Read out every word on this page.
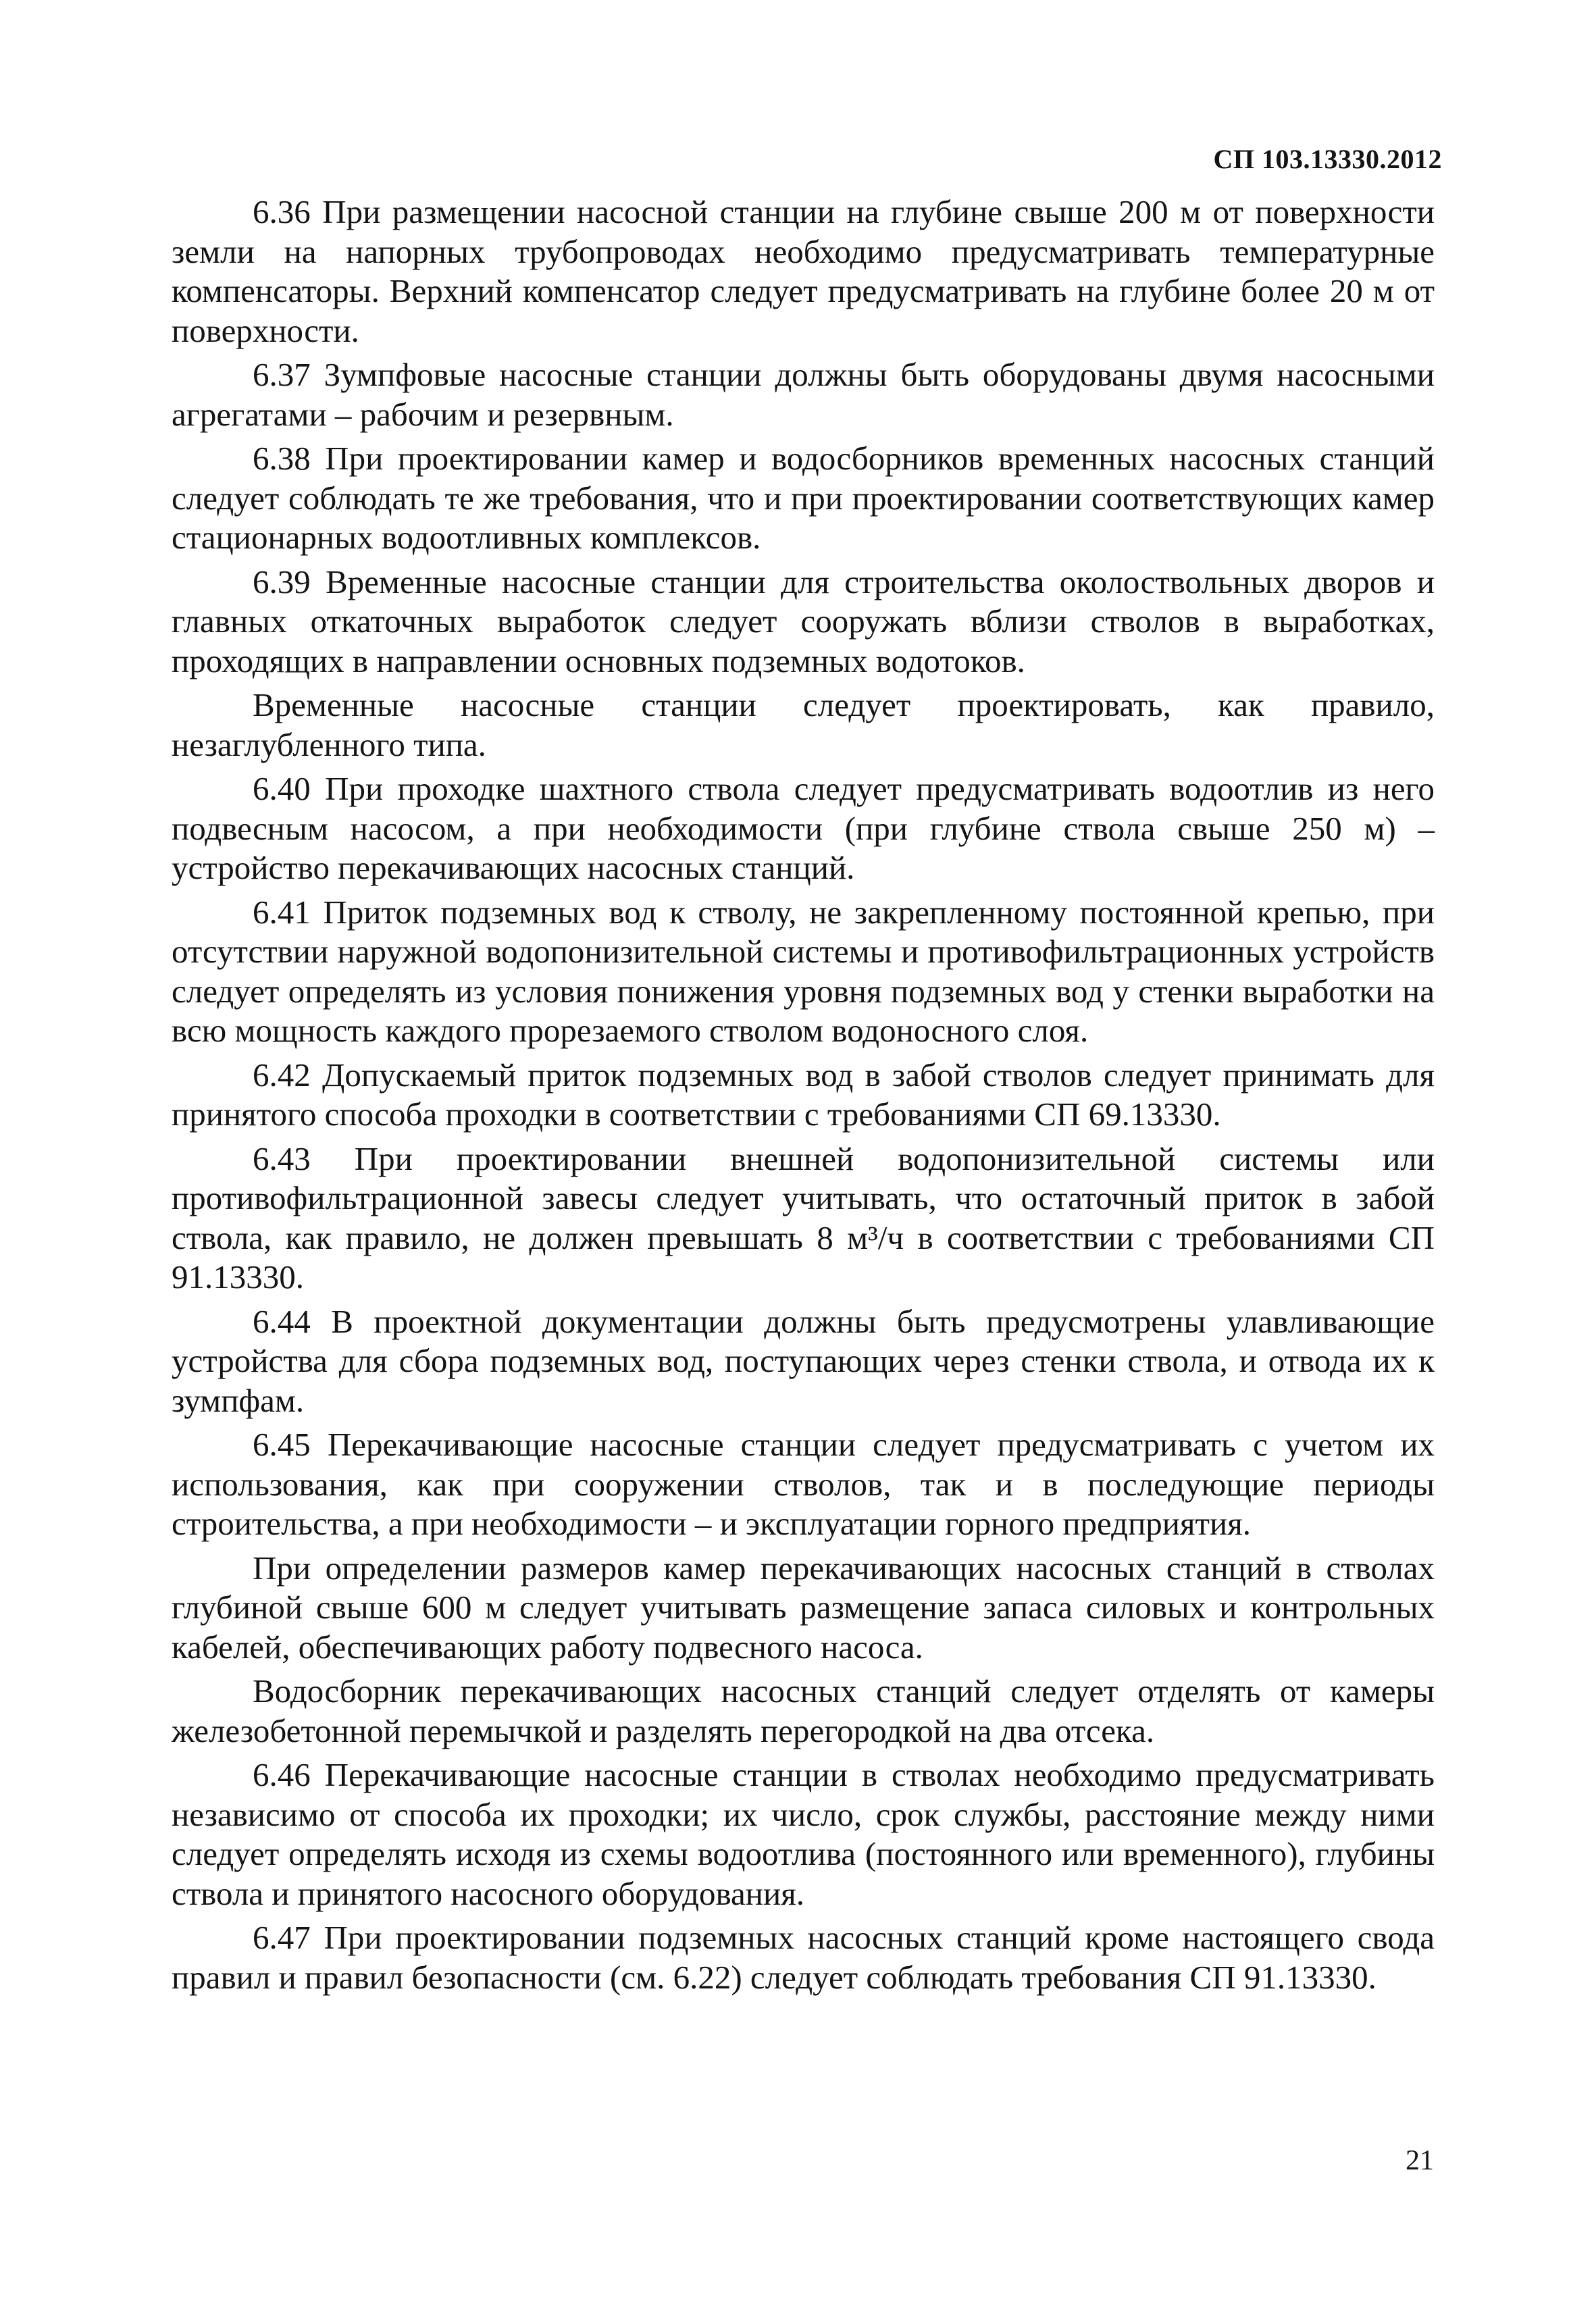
СП 103.13330.2012

6.36 При размещении насосной станции на глубине свыше 200 м от поверхности земли на напорных трубопроводах необходимо предусматривать температурные компенсаторы. Верхний компенсатор следует предусматривать на глубине более 20 м от поверхности.

6.37 Зумпфовые насосные станции должны быть оборудованы двумя насосными агрегатами – рабочим и резервным.

6.38 При проектировании камер и водосборников временных насосных станций следует соблюдать те же требования, что и при проектировании соответствующих камер стационарных водоотливных комплексов.

6.39 Временные насосные станции для строительства околоствольных дворов и главных откаточных выработок следует сооружать вблизи стволов в выработках, проходящих в направлении основных подземных водотоков.

Временные насосные станции следует проектировать, как правило, незаглубленного типа.

6.40 При проходке шахтного ствола следует предусматривать водоотлив из него подвесным насосом, а при необходимости (при глубине ствола свыше 250 м) – устройство перекачивающих насосных станций.

6.41 Приток подземных вод к стволу, не закрепленному постоянной крепью, при отсутствии наружной водопонизительной системы и противофильтрационных устройств следует определять из условия понижения уровня подземных вод у стенки выработки на всю мощность каждого прорезаемого стволом водоносного слоя.

6.42 Допускаемый приток подземных вод в забой стволов следует принимать для принятого способа проходки в соответствии с требованиями СП 69.13330.

6.43 При проектировании внешней водопонизительной системы или противофильтрационной завесы следует учитывать, что остаточный приток в забой ствола, как правило, не должен превышать 8 м³/ч в соответствии с требованиями СП 91.13330.

6.44 В проектной документации должны быть предусмотрены улавливающие устройства для сбора подземных вод, поступающих через стенки ствола, и отвода их к зумпфам.

6.45 Перекачивающие насосные станции следует предусматривать с учетом их использования, как при сооружении стволов, так и в последующие периоды строительства, а при необходимости – и эксплуатации горного предприятия.

При определении размеров камер перекачивающих насосных станций в стволах глубиной свыше 600 м следует учитывать размещение запаса силовых и контрольных кабелей, обеспечивающих работу подвесного насоса.

Водосборник перекачивающих насосных станций следует отделять от камеры железобетонной перемычкой и разделять перегородкой на два отсека.

6.46 Перекачивающие насосные станции в стволах необходимо предусматривать независимо от способа их проходки; их число, срок службы, расстояние между ними следует определять исходя из схемы водоотлива (постоянного или временного), глубины ствола и принятого насосного оборудования.

6.47 При проектировании подземных насосных станций кроме настоящего свода правил и правил безопасности (см. 6.22) следует соблюдать требования СП 91.13330.

21
